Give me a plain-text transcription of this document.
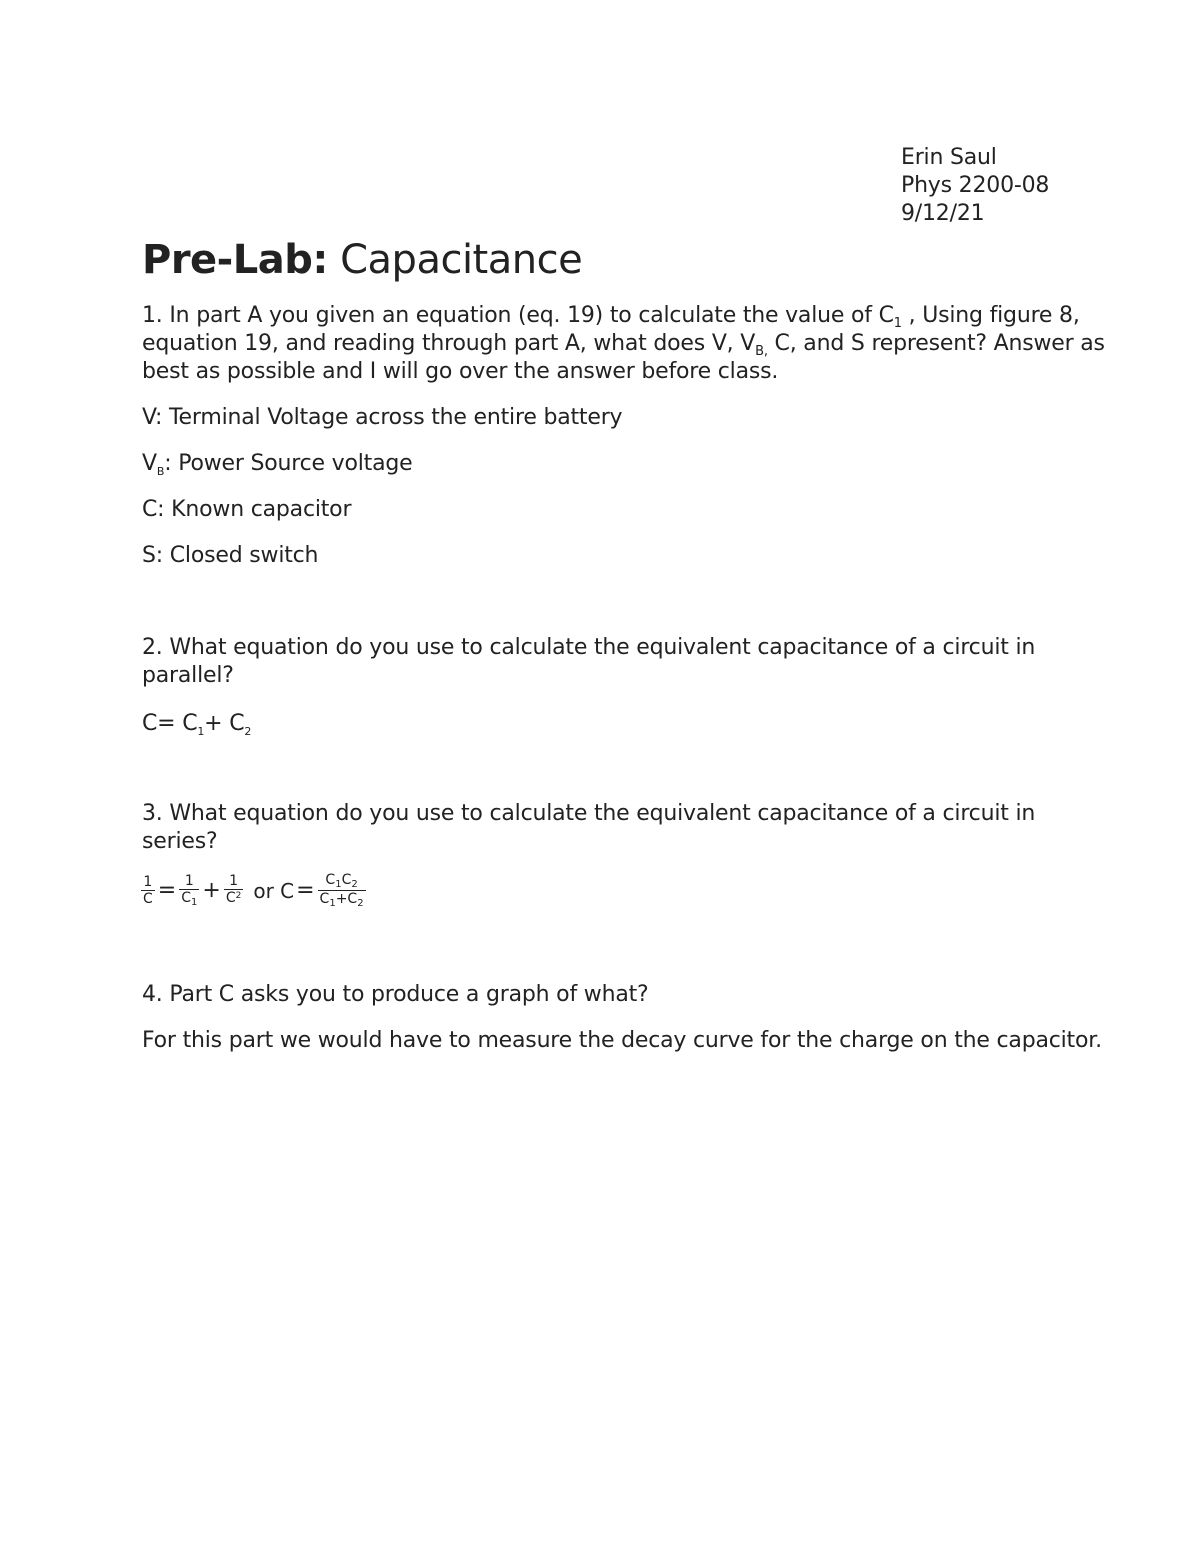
Erin Saul
Phys 2200-08
9/12/21
Pre-Lab: Capacitance
1. In part A you given an equation (eq. 19) to calculate the value of $C_1$ , Using figure 8,
equation 19, and reading through part A, what does V, $V_{B,}$ C, and S represent? Answer as
best as possible and I will go over the answer before class.
V: Terminal Voltage across the entire battery
$V_B$: Power Source voltage
C: Known capacitor
S: Closed switch
2. What equation do you use to calculate the equivalent capacitance of a circuit in
parallel?
$C= C_1+ C_2$
3. What equation do you use to calculate the equivalent capacitance of a circuit in
series?
$\frac{1}{C} = \frac{1}{C_1} + \frac{1}{C^2}$ or $C= \frac{C_1C_2}{C_1+C_2}$
4. Part C asks you to produce a graph of what?
For this part we would have to measure the decay curve for the charge on the capacitor.
